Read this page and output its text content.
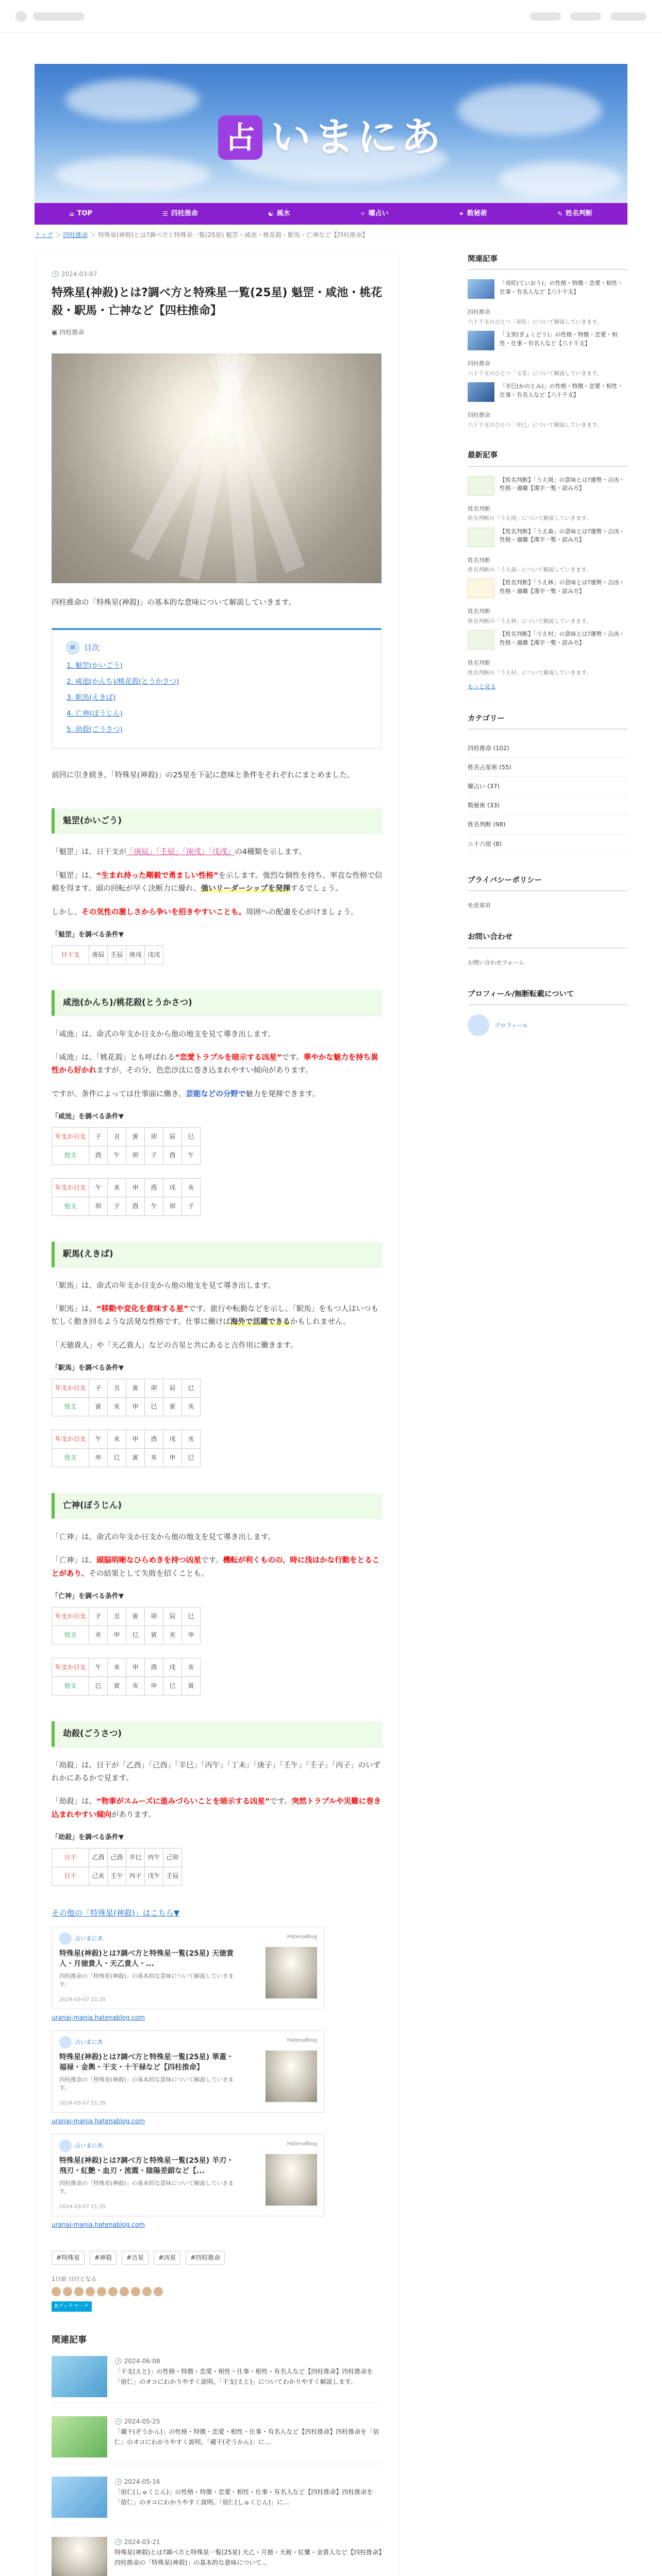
占 いまにあ
⌂ TOP	☰ 四柱推命	☯ 風水	✧ 曜占い	✦ 数秘術	✎ 姓名判断
トップ ＞ 四柱推命 ＞ 特殊星(神殺)とは?調べ方と特殊星一覧(25星) 魁罡・咸池・桃花殺・駅馬・亡神など【四柱推命】
🕒 2024-03-07
特殊星(神殺)とは?調べ方と特殊星一覧(25星) 魁罡・咸池・桃花殺・駅馬・亡神など【四柱推命】
▣ 四柱推命

四柱推命の「特殊星(神殺)」の基本的な意味について解説していきます。

≡	目次
1. 魁罡(かいごう)
2. 咸池(かんち)/桃花殺(とうかさつ)
3. 駅馬(えきば)
4. 亡神(ぼうじん)
5. 劫殺(ごうさつ)

前回に引き続き、「特殊星(神殺)」の25星を下記に意味と条件をそれぞれにまとめました。

魁罡(かいごう)

「魁罡」は、日干支が「庚辰」「壬辰」「庚戌」「戊戌」の4種類を示します。

「魁罡」は、“生まれ持った剛毅で勇ましい性格”を示します。強烈な個性を持ち、率直な性格で信頼を得ます。頭の回転が早く決断力に優れ、強いリーダーシップを発揮するでしょう。

しかし、その気性の激しさから争いを招きやすいことも。周囲への配慮を心がけましょう。

「魁罡」を調べる条件▼
日干支	庚辰	壬辰	庚戌	戊戌
咸池(かんち)/桃花殺(とうかさつ)

「咸池」は、命式の年支か日支から他の地支を見て導き出します。

「咸池」は、「桃花殺」とも呼ばれる“恋愛トラブルを暗示する凶星”です。華やかな魅力を持ち異性から好かれますが、その分、色恋沙汰に巻き込まれやすい傾向があります。

ですが、条件によっては仕事面に働き、芸能などの分野で魅力を発揮できます。

「咸池」を調べる条件▼
年支か日支	子	丑	寅	卯	辰	巳
他支	酉	午	卯	子	酉	午
年支か日支	午	未	申	酉	戌	亥
他支	卯	子	酉	午	卯	子
駅馬(えきば)

「駅馬」は、命式の年支か日支から他の地支を見て導き出します。

「駅馬」は、“移動や変化を意味する星”です。旅行や転勤などを示し、「駅馬」をもつ人はいつも忙しく動き回るような活発な性格です。仕事に働けば海外で活躍できるかもしれません。

「天徳貴人」や「天乙貴人」などの吉星と共にあると吉作用に働きます。

「駅馬」を調べる条件▼
年支か日支	子	丑	寅	卯	辰	巳
他支	寅	亥	申	巳	寅	亥
年支か日支	午	未	申	酉	戌	亥
他支	申	巳	寅	亥	申	巳
亡神(ぼうじん)

「亡神」は、命式の年支か日支から他の地支を見て導き出します。

「亡神」は、頭脳明晰なひらめきを持つ凶星です。機転が利くものの、時に浅はかな行動をとることがあり、その結果として失敗を招くことも。

「亡神」を調べる条件▼
年支か日支	子	丑	寅	卯	辰	巳
他支	亥	申	巳	寅	亥	申
年支か日支	午	未	申	酉	戌	亥
他支	巳	寅	亥	申	巳	寅
劫殺(ごうさつ)

「劫殺」は、日干が「乙酉」「己酉」「辛巳」「丙午」「丁未」「庚子」「壬午」「壬子」「丙子」のいずれかにあるかで見ます。

「劫殺」は、“物事がスムーズに進みづらいことを暗示する凶星”です。突然トラブルや災難に巻き込まれやすい傾向があります。

「劫殺」を調べる条件▼
日干	乙酉	己酉	辛巳	丙午	己卯
日干	己亥	壬午	丙子	戊午	壬辰
その他の「特殊星(神殺)」はこちら▼
占いまにあ	HatenaBlog
特殊星(神殺)とは?調べ方と特殊星一覧(25星) 天徳貴人・月徳貴人・天乙貴人・...
四柱推命の「特殊星(神殺)」の基本的な意味について解説していきます。
2024-03-07 21:35
uranai-mania.hatenablog.com
占いまにあ	HatenaBlog
特殊星(神殺)とは?調べ方と特殊星一覧(25星) 華蓋・福禄・金輿・干支・十干禄など【四柱推命】
四柱推命の「特殊星(神殺)」の基本的な意味について解説していきます。
2024-03-07 21:35
uranai-mania.hatenablog.com
占いまにあ	HatenaBlog
特殊星(神殺)とは?調べ方と特殊星一覧(25星) 羊刃・飛刃・紅艶・血刃・流霞・陰陽差錯など【...
四柱推命の「特殊星(神殺)」の基本的な意味について解説していきます。
2024-03-07 21:35
uranai-mania.hatenablog.com
#特殊星	#神殺	#吉星	#凶星	#四柱推命
1日前 日付となる
Bブックマーク
関連記事
🕒 2024-06-08
「干支(えと)」の性格・特徴・恋愛・相性・仕事・相性・有名人など【四柱推命】四柱推命を「宿仁」のオコにわかりやすく説明。「干支(えと)」についてわかりやすく解説します。
🕒 2024-05-25
「蔵干(ぞうかん)」の性格・特徴・恋愛・相性・仕事・有名人など【四柱推命】四柱推命を「宿仁」のオコにわかりやすく説明。「蔵干(ぞうかん)」に…
🕒 2024-05-16
「宿仁(しゅくじん)」の性格・特徴・恋愛・相性・仕事・有名人など【四柱推命】四柱推命を「宿仁」のオコにわかりやすく説明。「宿仁(しゅくじん)」に…
🕒 2024-03-21
特殊星(神殺)とは?調べ方と特殊星一覧(25星) 天乙・月徳・天赦・紅鸞・金貴人など【四柱推命】四柱推命の「特殊星(神殺)」の基本的な意味について…
関連記事
「帝旺(ていおう)」の性格・特徴・恋愛・相性・仕事・有名人など【六十干支】
四柱推命
六十干支のひとつ「帝旺」について解説していきます。
「玉堂(ぎょくどう)」の性格・特徴・恋愛・相性・仕事・有名人など【六十干支】
四柱推命
六十干支のひとつ「玉堂」について解説していきます。
「辛巳(かのとみ)」の性格・特徴・恋愛・相性・仕事・有名人など【六十干支】
四柱推命
六十干支のひとつ「辛巳」について解説していきます。
最新記事
【姓名判断】「うえ岡」の意味とは?運勢・吉凶・性格・適職【漢字一覧・読み方】
姓名判断
姓名判断の「うえ岡」について解説していきます。
【姓名判断】「うえ森」の意味とは?運勢・吉凶・性格・適職【漢字一覧・読み方】
姓名判断
姓名判断の「うえ森」について解説していきます。
【姓名判断】「うえ林」の意味とは?運勢・吉凶・性格・適職【漢字一覧・読み方】
姓名判断
姓名判断の「うえ林」について解説していきます。
【姓名判断】「うえ村」の意味とは?運勢・吉凶・性格・適職【漢字一覧・読み方】
姓名判断
姓名判断の「うえ村」について解説していきます。
もっと見る
カテゴリー
四柱推命 (102)
姓名占星術 (55)
曜占い (37)
数秘術 (33)
姓名判断 (98)
ニ十六宿 (8)
プライバシーポリシー
免責事項
お問い合わせ
お問い合わせフォーム
プロフィール/無断転載について
プロフィール
